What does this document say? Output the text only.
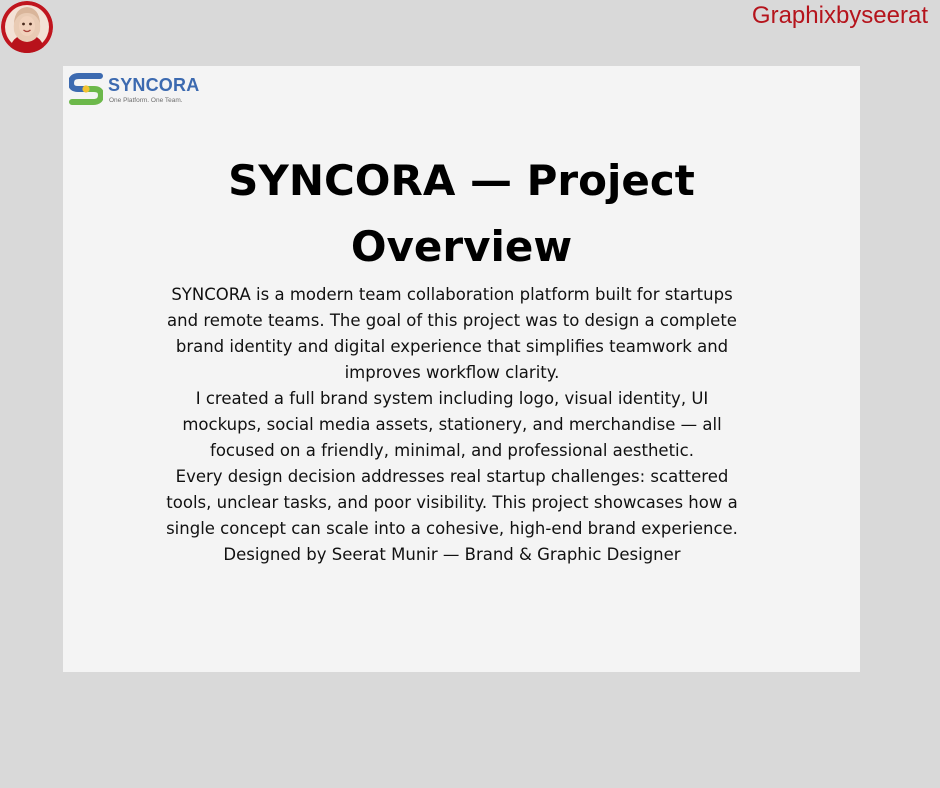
Graphixbyseerat

SYNCORA
One Platform. One Team.
SYNCORA — Project
Overview

SYNCORA is a modern team collaboration platform built for startups and remote teams. The goal of this project was to design a complete brand identity and digital experience that simplifies teamwork and improves workflow clarity.

I created a full brand system including logo, visual identity, UI mockups, social media assets, stationery, and merchandise — all focused on a friendly, minimal, and professional aesthetic.

Every design decision addresses real startup challenges: scattered tools, unclear tasks, and poor visibility. This project showcases how a single concept can scale into a cohesive, high-end brand experience.

Designed by Seerat Munir — Brand & Graphic Designer
